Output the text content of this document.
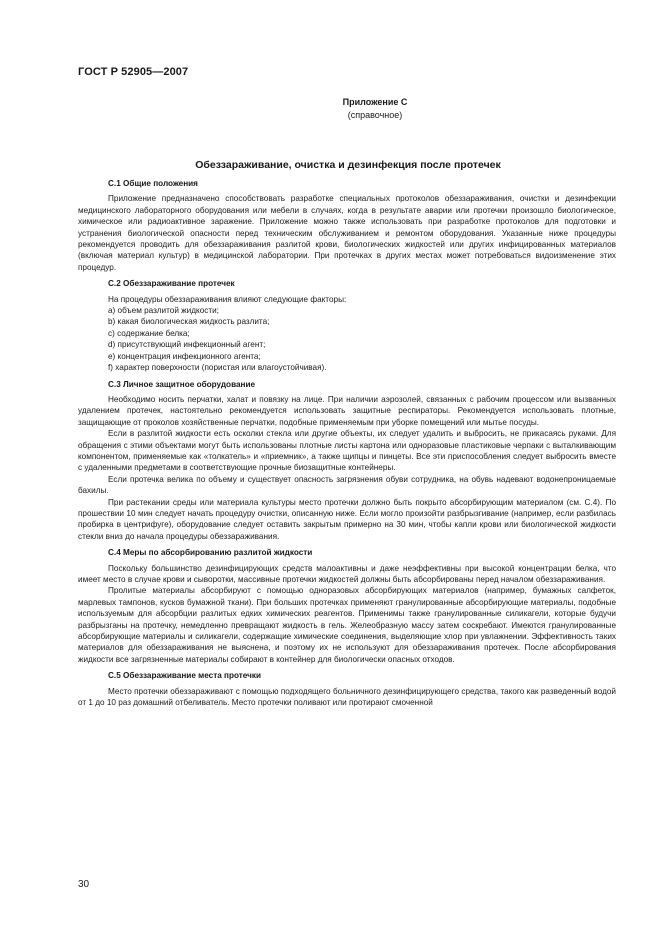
ГОСТ Р 52905—2007
Приложение С
(справочное)
Обеззараживание, очистка и дезинфекция после протечек
С.1 Общие положения

Приложение предназначено способствовать разработке специальных протоколов обеззараживания, очистки и дезинфекции медицинского лабораторного оборудования или мебели в случаях, когда в результате аварии или протечки произошло биологическое, химическое или радиоактивное заражение. Приложение можно также использовать при разработке протоколов для подготовки и устранения биологической опасности перед техническим обслуживанием и ремонтом оборудования. Указанные ниже процедуры рекомендуется проводить для обеззараживания разлитой крови, биологических жидкостей или других инфицированных материалов (включая материал культур) в медицинской лаборатории. При протечках в других местах может потребоваться видоизменение этих процедур.

С.2 Обеззараживание протечек

На процедуры обеззараживания влияют следующие факторы:

а) объем разлитой жидкости;

b) какая биологическая жидкость разлита;

с) содержание белка;

d) присутствующий инфекционный агент;

е) концентрация инфекционного агента;

f) характер поверхности (пористая или влагоустойчивая).

С.3 Личное защитное оборудование

Необходимо носить перчатки, халат и повязку на лице. При наличии аэрозолей, связанных с рабочим процессом или вызванных удалением протечек, настоятельно рекомендуется использовать защитные респираторы. Рекомендуется использовать плотные, защищающие от проколов хозяйственные перчатки, подобные применяемым при уборке помещений или мытье посуды.

Если в разлитой жидкости есть осколки стекла или другие объекты, их следует удалить и выбросить, не прикасаясь руками. Для обращения с этими объектами могут быть использованы плотные листы картона или одноразовые пластиковые черпаки с выталкивающим компонентом, применяемые как «толкатель» и «приемник», а также щипцы и пинцеты. Все эти приспособления следует выбросить вместе с удаленными предметами в соответствующие прочные биозащитные контейнеры.

Если протечка велика по объему и существует опасность загрязнения обуви сотрудника, на обувь надевают водонепроницаемые бахилы.

При растекании среды или материала культуры место протечки должно быть покрыто абсорбирующим материалом (см. С.4). По прошествии 10 мин следует начать процедуру очистки, описанную ниже. Если могло произойти разбрызгивание (например, если разбилась пробирка в центрифуге), оборудование следует оставить закрытым примерно на 30 мин, чтобы капли крови или биологической жидкости стекли вниз до начала процедуры обеззараживания.

С.4 Меры по абсорбированию разлитой жидкости

Поскольку большинство дезинфицирующих средств малоактивны и даже неэффективны при высокой концентрации белка, что имеет место в случае крови и сыворотки, массивные протечки жидкостей должны быть абсорбированы перед началом обеззараживания.

Пролитые материалы абсорбируют с помощью одноразовых абсорбирующих материалов (например, бумажных салфеток, марлевых тампонов, кусков бумажной ткани). При больших протечках применяют гранулированные абсорбирующие материалы, подобные используемым для абсорбции разлитых едких химических реагентов. Применимы также гранулированные силикагели, которые будучи разбрызганы на протечку, немедленно превращают жидкость в гель. Желеобразную массу затем соскребают. Имеются гранулированные абсорбирующие материалы и силикагели, содержащие химические соединения, выделяющие хлор при увлажнении. Эффективность таких материалов для обеззараживания не выяснена, и поэтому их не используют для обеззараживания протечек. После абсорбирования жидкости все загрязненные материалы собирают в контейнер для биологически опасных отходов.

С.5 Обеззараживание места протечки

Место протечки обеззараживают с помощью подходящего больничного дезинфицирующего средства, такого как разведенный водой от 1 до 10 раз домашний отбеливатель. Место протечки поливают или протирают смоченной

30
